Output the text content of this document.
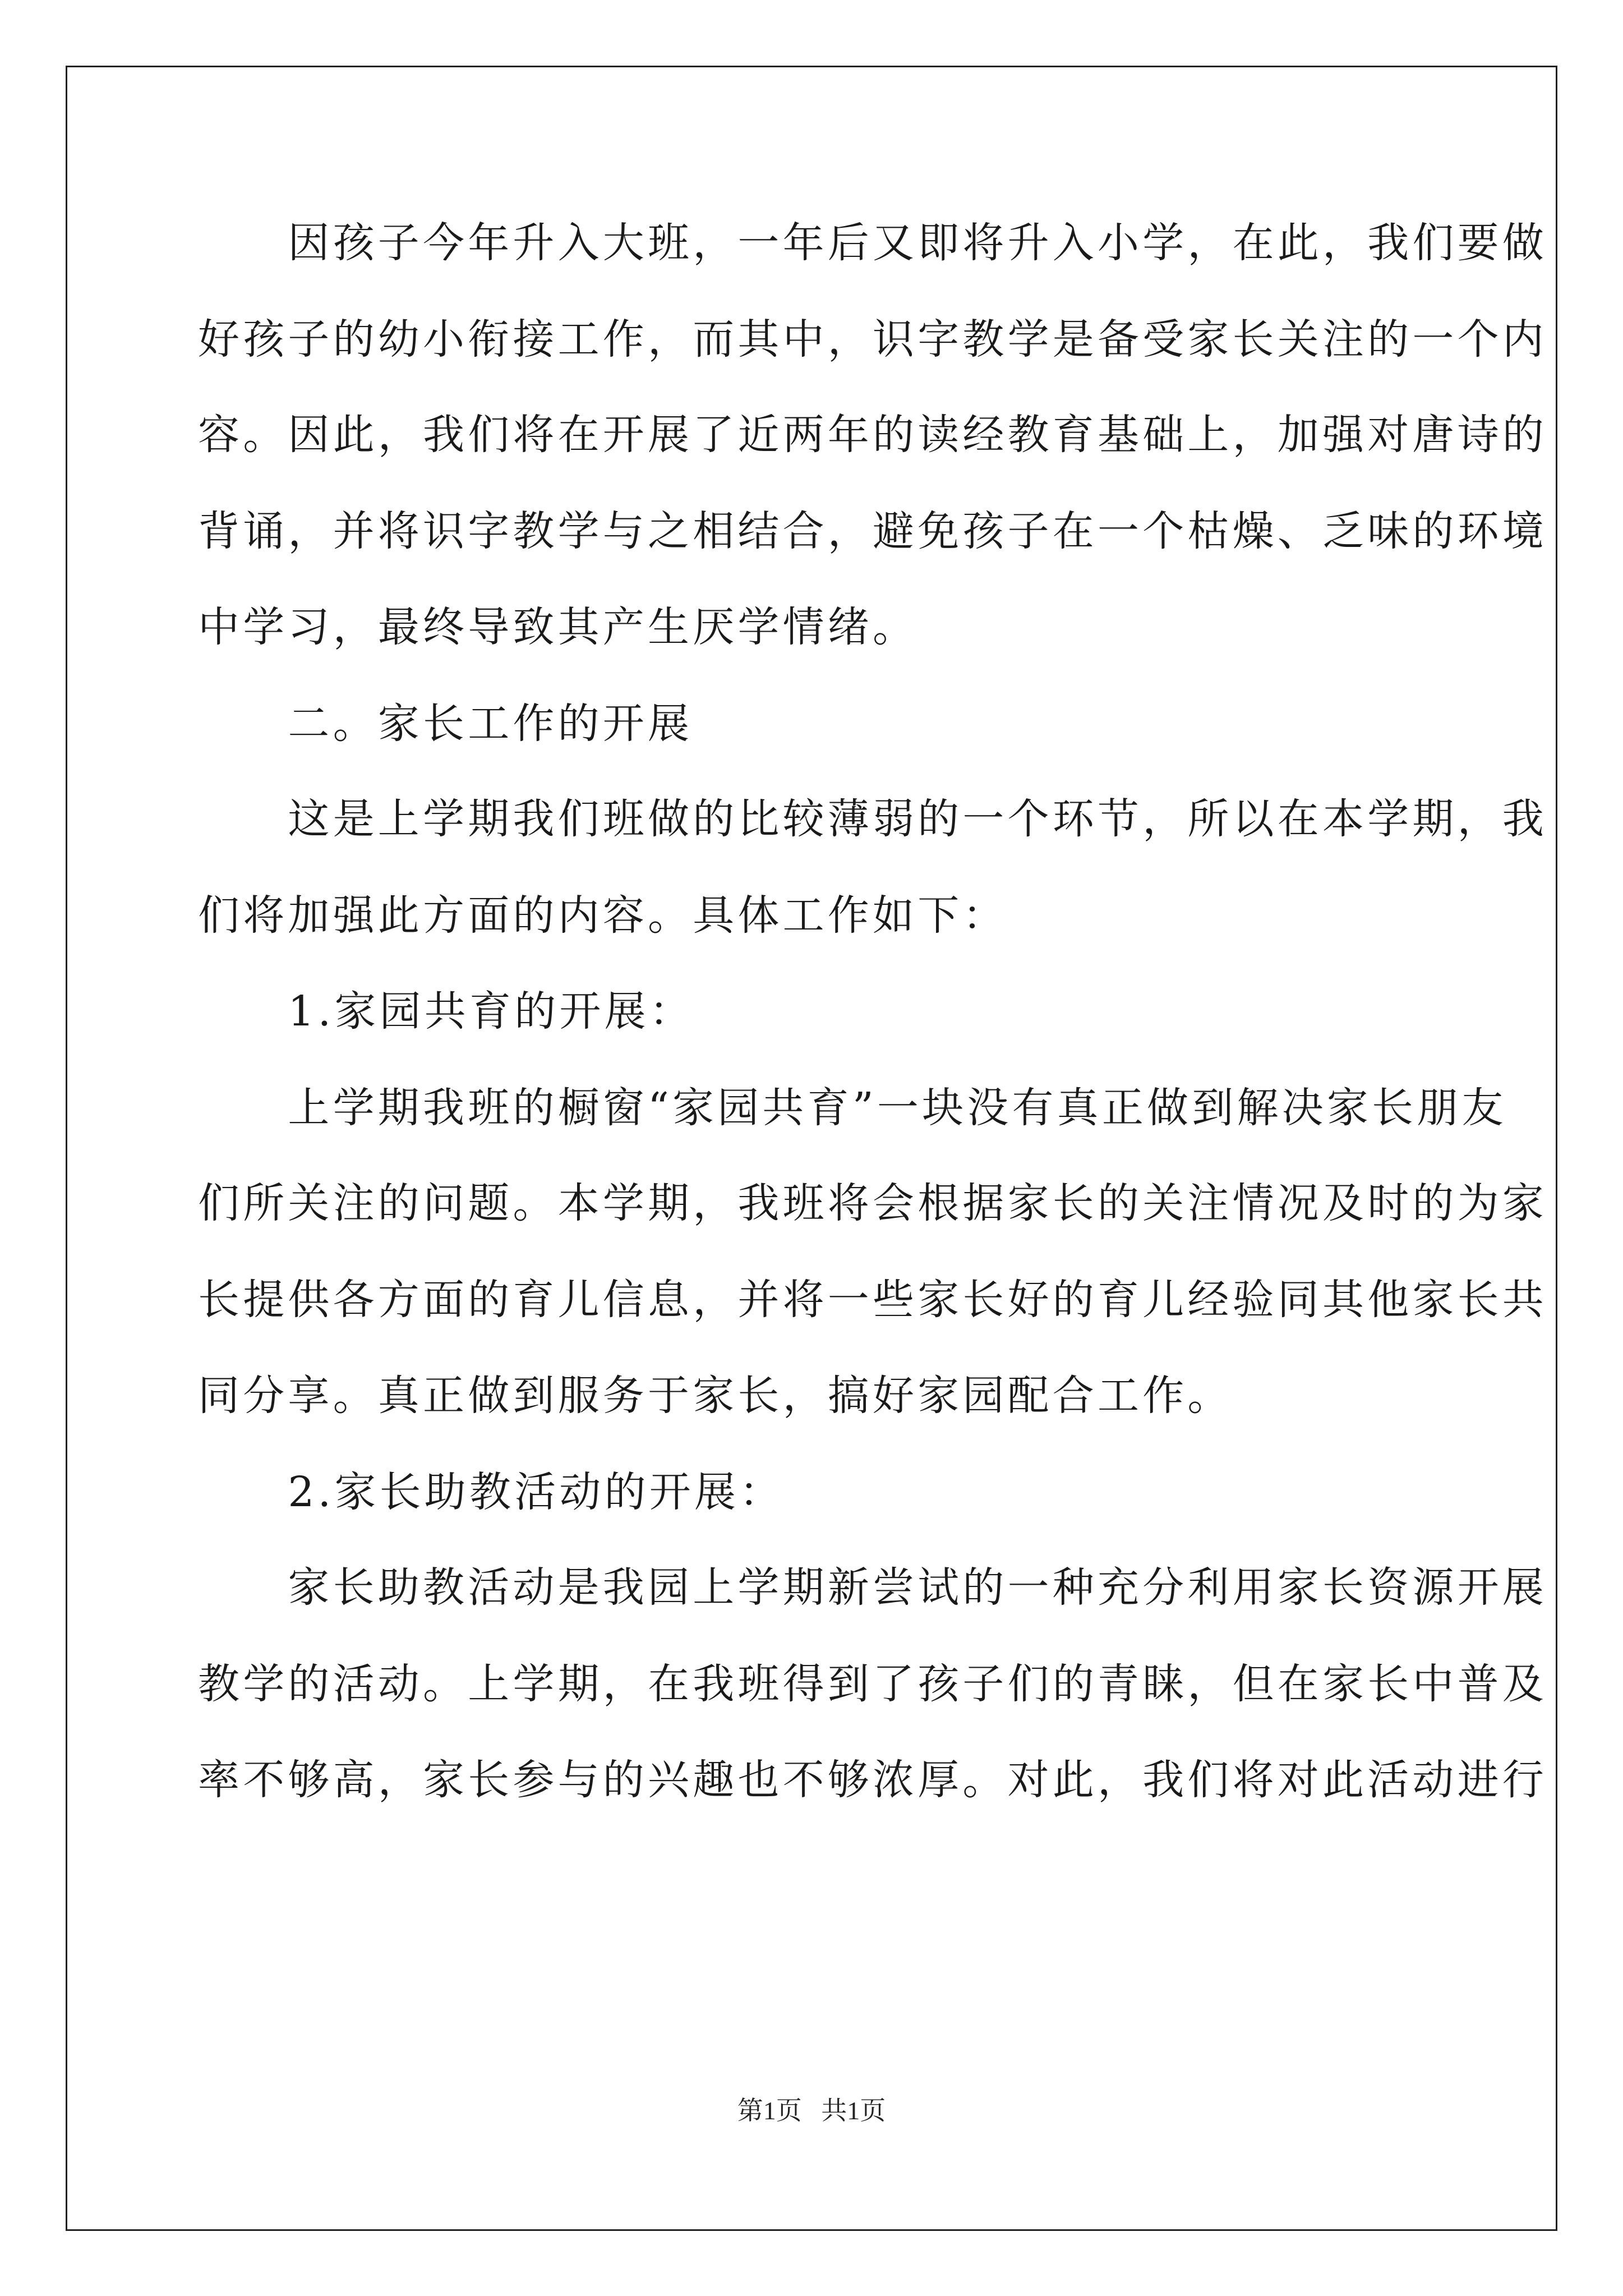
　　因孩子今年升入大班，一年后又即将升入小学，在此，我们要做
好孩子的幼小衔接工作，而其中，识字教学是备受家长关注的一个内
容。因此，我们将在开展了近两年的读经教育基础上，加强对唐诗的
背诵，并将识字教学与之相结合，避免孩子在一个枯燥、乏味的环境
中学习，最终导致其产生厌学情绪。
　　二。家长工作的开展
　　这是上学期我们班做的比较薄弱的一个环节，所以在本学期，我
们将加强此方面的内容。具体工作如下：
　　1.家园共育的开展：
　　上学期我班的橱窗“家园共育”一块没有真正做到解决家长朋友
们所关注的问题。本学期，我班将会根据家长的关注情况及时的为家
长提供各方面的育儿信息，并将一些家长好的育儿经验同其他家长共
同分享。真正做到服务于家长，搞好家园配合工作。
　　2.家长助教活动的开展：
　　家长助教活动是我园上学期新尝试的一种充分利用家长资源开展
教学的活动。上学期，在我班得到了孩子们的青睐，但在家长中普及
率不够高，家长参与的兴趣也不够浓厚。对此，我们将对此活动进行
第1页 共1页
